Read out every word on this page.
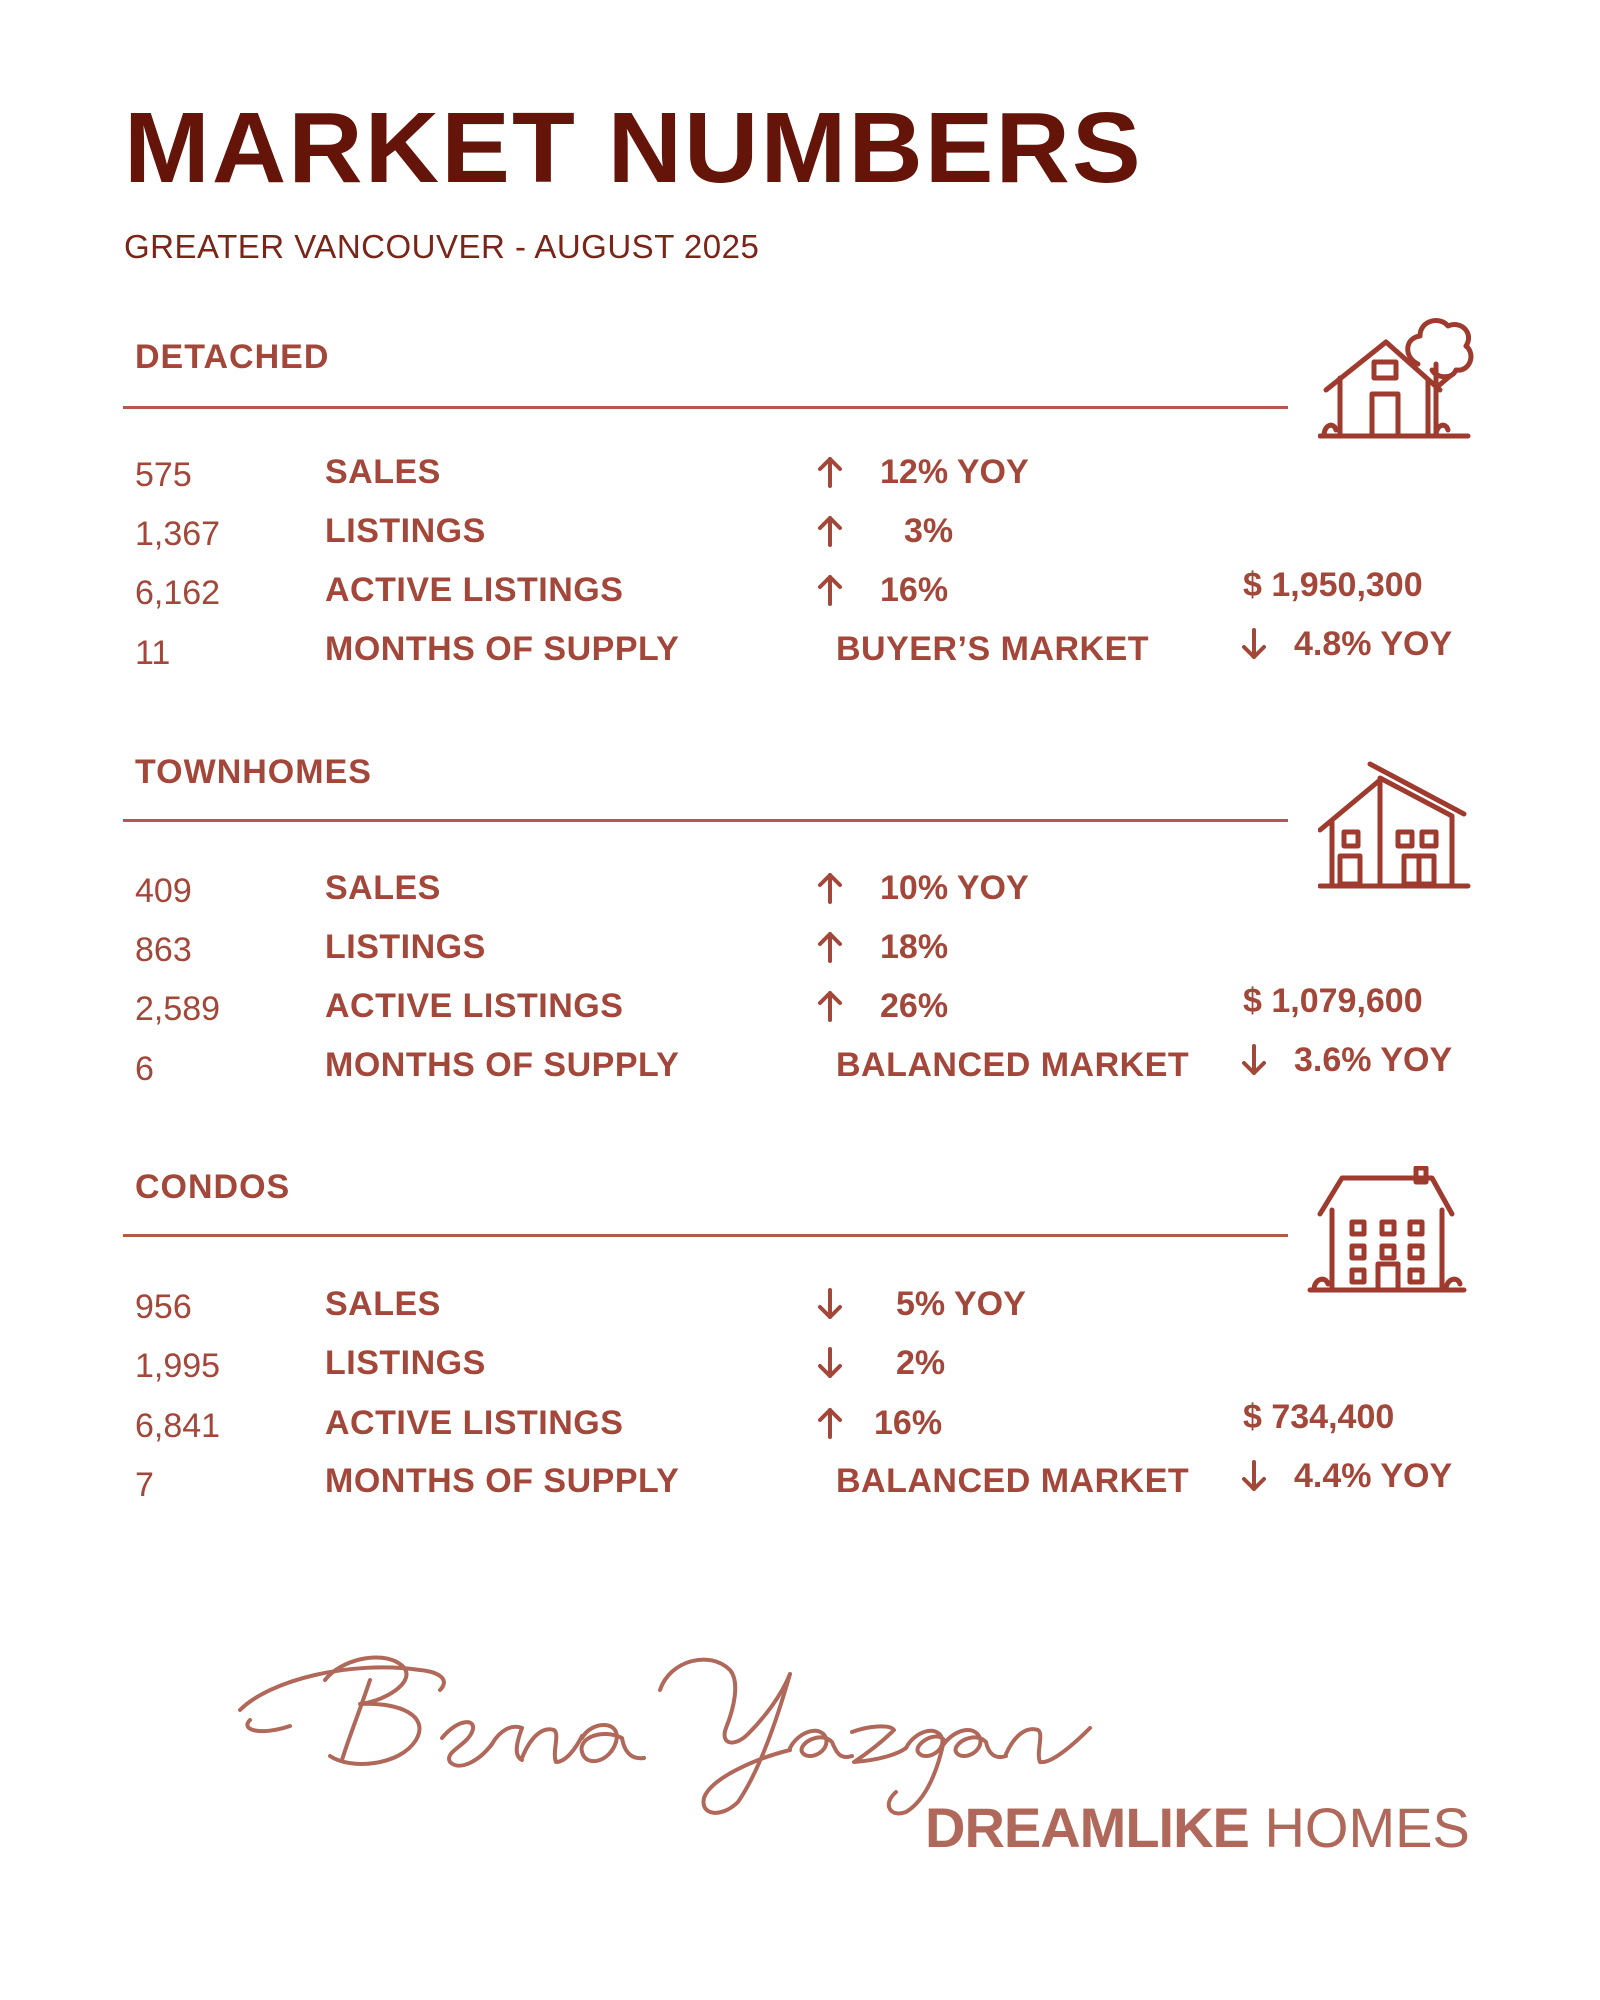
MARKET NUMBERS
GREATER VANCOUVER - AUGUST 2025
DETACHED
575	SALES	12% YOY
1,367	LISTINGS	3%
6,162	ACTIVE LISTINGS	16%	$ 1,950,300
11	MONTHS OF SUPPLY	BUYER’S MARKET	4.8% YOY
TOWNHOMES
409	SALES	10% YOY
863	LISTINGS	18%
2,589	ACTIVE LISTINGS	26%	$ 1,079,600
6	MONTHS OF SUPPLY	BALANCED MARKET	3.6% YOY
CONDOS
956	SALES	5% YOY
1,995	LISTINGS	2%
6,841	ACTIVE LISTINGS	16%	$ 734,400
7	MONTHS OF SUPPLY	BALANCED MARKET	4.4% YOY
DREAMLIKE HOMES
